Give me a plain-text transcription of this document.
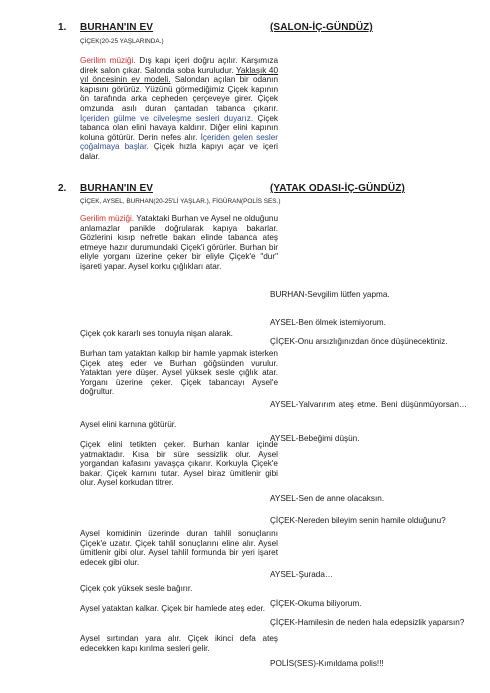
1. BURHAN'IN EV	(SALON-İÇ-GÜNDÜZ)
ÇİÇEK(20-25 YAŞLARINDA.)
Gerilim müziği. Dış kapı içeri doğru açılır. Karşımıza direk salon çıkar. Salonda soba kuruludur. Yaklaşık 40 yıl öncesinin ev modeli. Salondan açılan bir odanın kapısını görürüz. Yüzünü görmediğimiz Çiçek kapının ön tarafında arka cepheden çerçeveye girer. Çiçek omzunda asılı duran çantadan tabanca çıkarır. İçeriden gülme ve cilveleşme sesleri duyarız. Çiçek tabanca olan elini havaya kaldırır. Diğer elini kapının koluna götürür. Derin nefes alır. İçeriden gelen sesler çoğalmaya başlar. Çiçek hızla kapıyı açar ve içeri dalar.
2. BURHAN'IN EV	(YATAK ODASI-İÇ-GÜNDÜZ)
ÇİÇEK, AYSEL, BURHAN(20-25'Lİ YAŞLAR.), FİGÜRAN(POLİS SES.)
Gerilim müziği. Yataktaki Burhan ve Aysel ne olduğunu anlamazlar panikle doğrularak kapıya bakarlar. Gözlerini kısıp nefretle bakan elinde tabanca ateş etmeye hazır durumundaki Çiçek'i görürler. Burhan bir eliyle yorganı üzerine çeker bir eliyle Çiçek'e "dur" işareti yapar. Aysel korku çığlıkları atar.
BURHAN-Sevgilim lütfen yapma.
AYSEL-Ben ölmek istemiyorum.
ÇİÇEK-Onu arsızlığınızdan önce düşünecektiniz.
AYSEL-Yalvarırım ateş etme. Beni düşünmüyorsan…
AYSEL-Bebeğimi düşün.
AYSEL-Sen de anne olacaksın.
ÇİÇEK-Nereden bileyim senin hamile olduğunu?
AYSEL-Şurada…
ÇİÇEK-Okuma biliyorum.
ÇİÇEK-Hamilesin de neden hala edepsizlik yaparsın?
POLİS(SES)-Kımıldama polis!!!
Çiçek çok kararlı ses tonuyla nişan alarak.
Burhan tam yataktan kalkıp bir hamle yapmak isterken Çiçek ateş eder ve Burhan göğsünden vurulur. Yataktan yere düşer. Aysel yüksek sesle çığlık atar. Yorganı üzerine çeker. Çiçek tabancayı Aysel'e doğrultur.
Aysel elini karnına götürür.
Çiçek elini tetikten çeker. Burhan kanlar içinde yatmaktadır. Kısa bir süre sessizlik olur. Aysel yorgandan kafasını yavaşça çıkarır. Korkuyla Çiçek'e bakar. Çiçek karnını tutar. Aysel biraz ümitlenir gibi olur. Aysel korkudan titrer.
Aysel komidinin üzerinde duran tahlil sonuçlarını Çiçek'e uzatır. Çiçek tahlil sonuçlarını eline alır. Aysel ümitlenir gibi olur. Aysel tahlil formunda bir yeri işaret edecek gibi olur.
Çiçek çok yüksek sesle bağırır.
Aysel yataktan kalkar. Çiçek bir hamlede ateş eder.
Aysel sırtından yara alır. Çiçek ikinci defa ateş edecekken kapı kırılma sesleri gelir.
